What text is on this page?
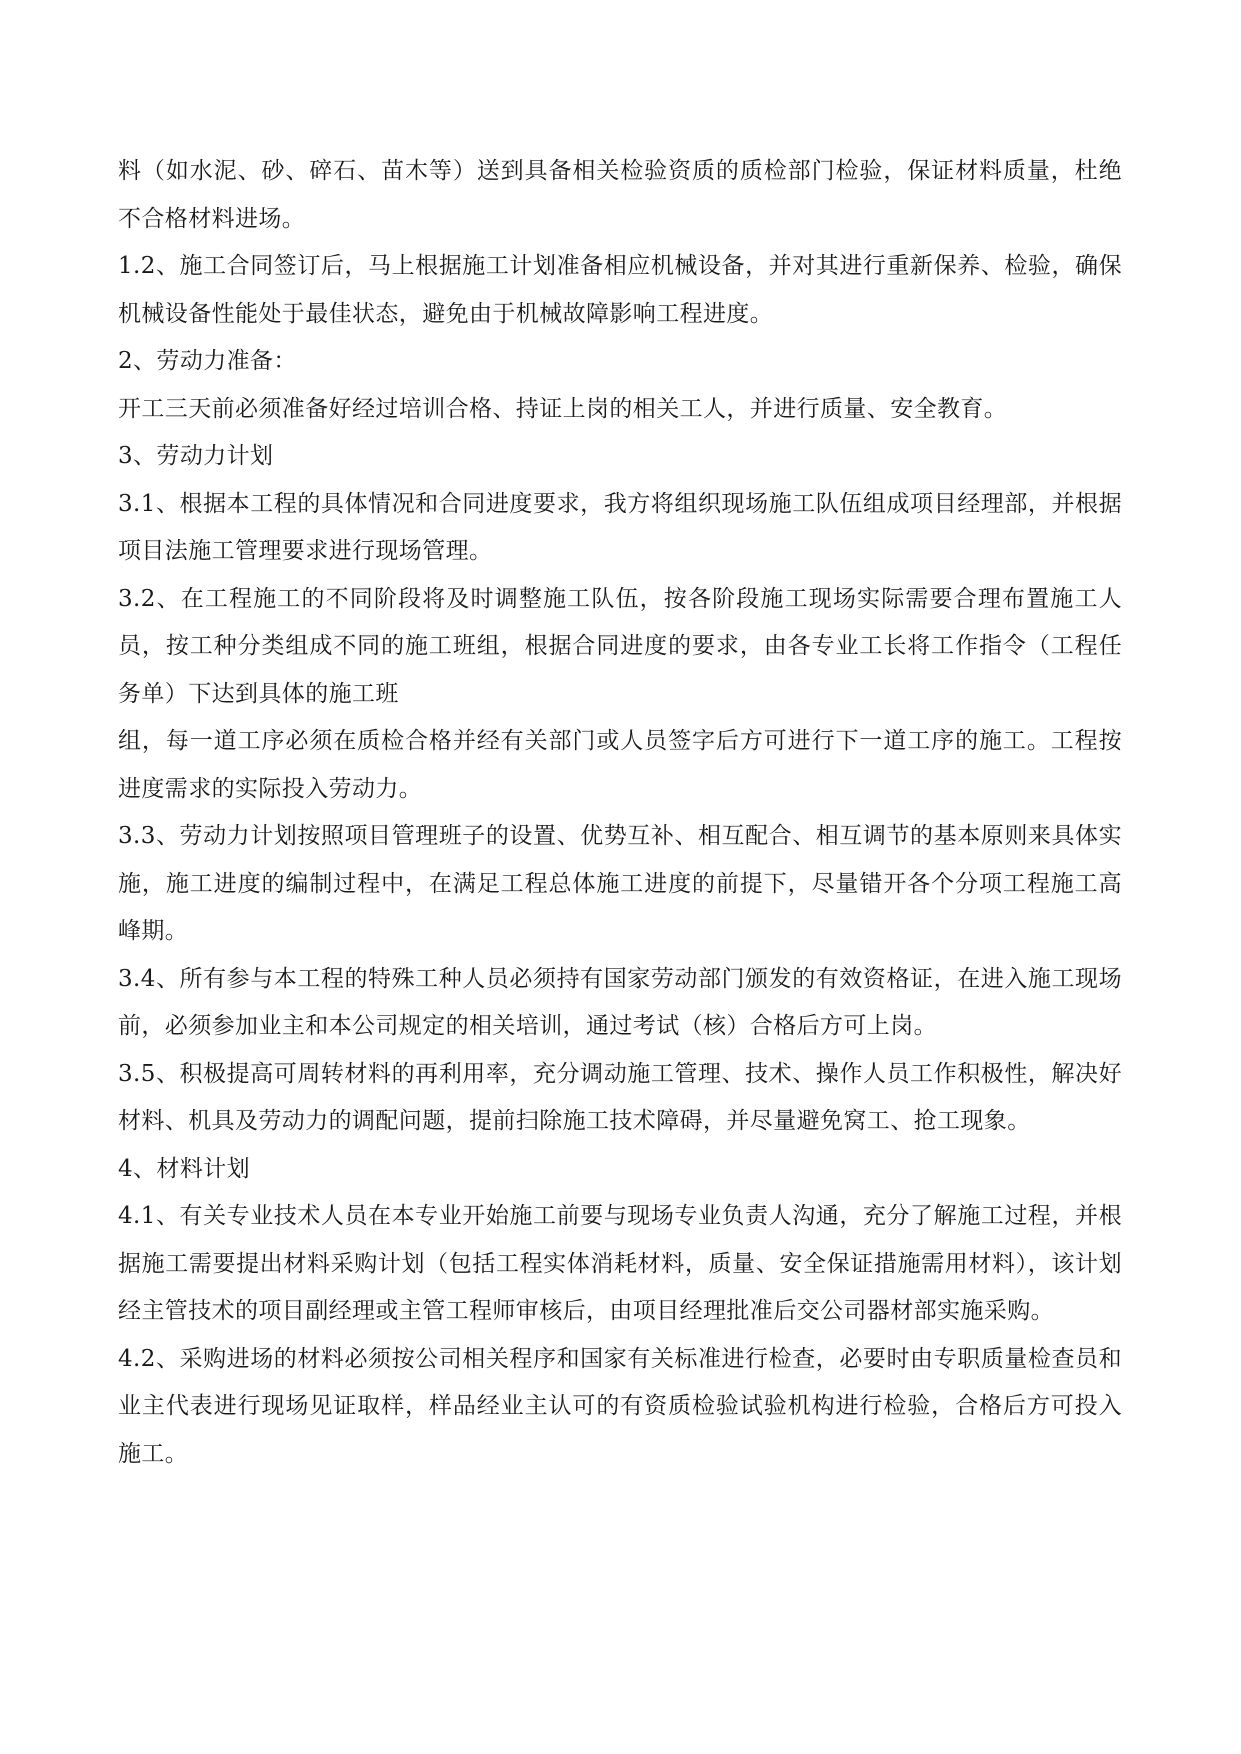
料（如水泥、砂、碎石、苗木等）送到具备相关检验资质的质检部门检验，保证材料质量，杜绝不合格材料进场。

1.2、施工合同签订后，马上根据施工计划准备相应机械设备，并对其进行重新保养、检验，确保机械设备性能处于最佳状态，避免由于机械故障影响工程进度。

2、劳动力准备：

开工三天前必须准备好经过培训合格、持证上岗的相关工人，并进行质量、安全教育。

3、劳动力计划

3.1、根据本工程的具体情况和合同进度要求，我方将组织现场施工队伍组成项目经理部，并根据项目法施工管理要求进行现场管理。

3.2、在工程施工的不同阶段将及时调整施工队伍，按各阶段施工现场实际需要合理布置施工人员，按工种分类组成不同的施工班组，根据合同进度的要求，由各专业工长将工作指令（工程任务单）下达到具体的施工班

组，每一道工序必须在质检合格并经有关部门或人员签字后方可进行下一道工序的施工。工程按进度需求的实际投入劳动力。

3.3、劳动力计划按照项目管理班子的设置、优势互补、相互配合、相互调节的基本原则来具体实施，施工进度的编制过程中，在满足工程总体施工进度的前提下，尽量错开各个分项工程施工高峰期。

3.4、所有参与本工程的特殊工种人员必须持有国家劳动部门颁发的有效资格证，在进入施工现场前，必须参加业主和本公司规定的相关培训，通过考试（核）合格后方可上岗。

3.5、积极提高可周转材料的再利用率，充分调动施工管理、技术、操作人员工作积极性，解决好材料、机具及劳动力的调配问题，提前扫除施工技术障碍，并尽量避免窝工、抢工现象。

4、材料计划

4.1、有关专业技术人员在本专业开始施工前要与现场专业负责人沟通，充分了解施工过程，并根据施工需要提出材料采购计划（包括工程实体消耗材料，质量、安全保证措施需用材料），该计划经主管技术的项目副经理或主管工程师审核后，由项目经理批准后交公司器材部实施采购。

4.2、采购进场的材料必须按公司相关程序和国家有关标准进行检查，必要时由专职质量检查员和业主代表进行现场见证取样，样品经业主认可的有资质检验试验机构进行检验，合格后方可投入施工。
